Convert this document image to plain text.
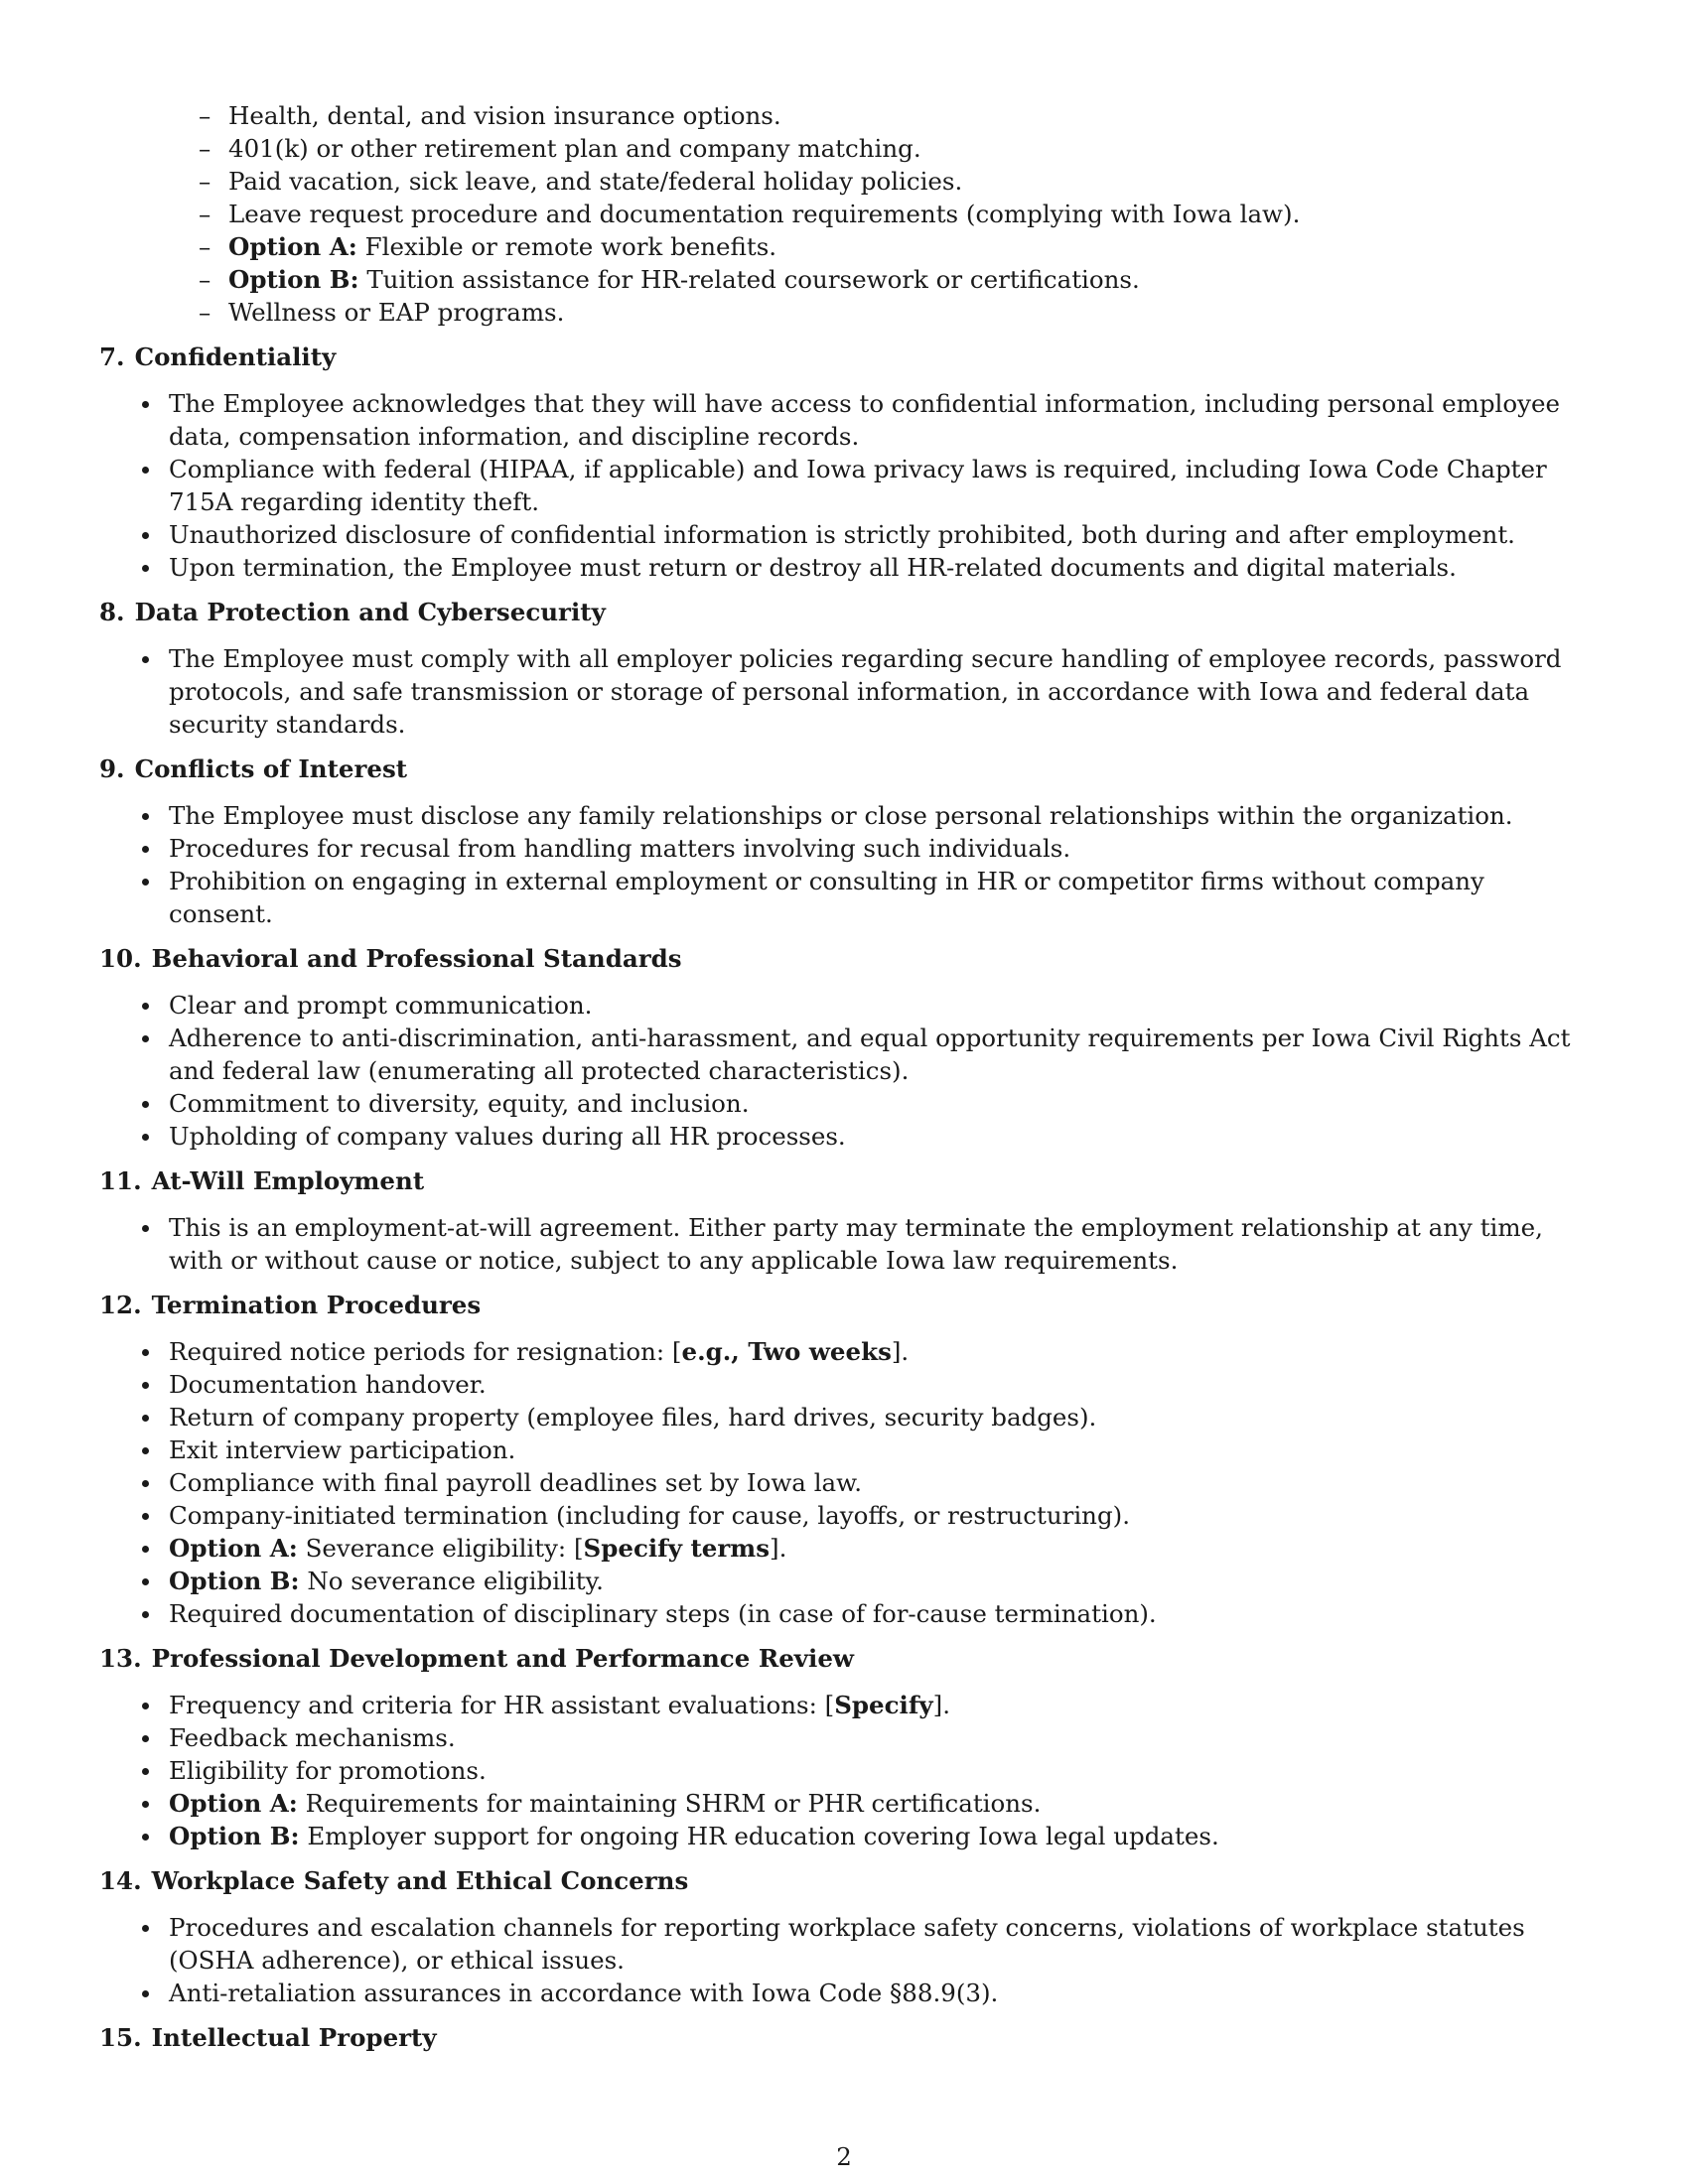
– Health, dental, and vision insurance options.
– 401(k) or other retirement plan and company matching.
– Paid vacation, sick leave, and state/federal holiday policies.
– Leave request procedure and documentation requirements (complying with Iowa law).
– Option A: Flexible or remote work benefits.
– Option B: Tuition assistance for HR-related coursework or certifications.
– Wellness or EAP programs.
7. Confidentiality
The Employee acknowledges that they will have access to confidential information, including personal employee data, compensation information, and discipline records.
Compliance with federal (HIPAA, if applicable) and Iowa privacy laws is required, including Iowa Code Chapter 715A regarding identity theft.
Unauthorized disclosure of confidential information is strictly prohibited, both during and after employment.
Upon termination, the Employee must return or destroy all HR-related documents and digital materials.
8. Data Protection and Cybersecurity
The Employee must comply with all employer policies regarding secure handling of employee records, password protocols, and safe transmission or storage of personal information, in accordance with Iowa and federal data security standards.
9. Conflicts of Interest
The Employee must disclose any family relationships or close personal relationships within the organization.
Procedures for recusal from handling matters involving such individuals.
Prohibition on engaging in external employment or consulting in HR or competitor firms without company consent.
10. Behavioral and Professional Standards
Clear and prompt communication.
Adherence to anti-discrimination, anti-harassment, and equal opportunity requirements per Iowa Civil Rights Act and federal law (enumerating all protected characteristics).
Commitment to diversity, equity, and inclusion.
Upholding of company values during all HR processes.
11. At-Will Employment
This is an employment-at-will agreement. Either party may terminate the employment relationship at any time, with or without cause or notice, subject to any applicable Iowa law requirements.
12. Termination Procedures
Required notice periods for resignation: [e.g., Two weeks].
Documentation handover.
Return of company property (employee files, hard drives, security badges).
Exit interview participation.
Compliance with final payroll deadlines set by Iowa law.
Company-initiated termination (including for cause, layoffs, or restructuring).
Option A: Severance eligibility: [Specify terms].
Option B: No severance eligibility.
Required documentation of disciplinary steps (in case of for-cause termination).
13. Professional Development and Performance Review
Frequency and criteria for HR assistant evaluations: [Specify].
Feedback mechanisms.
Eligibility for promotions.
Option A: Requirements for maintaining SHRM or PHR certifications.
Option B: Employer support for ongoing HR education covering Iowa legal updates.
14. Workplace Safety and Ethical Concerns
Procedures and escalation channels for reporting workplace safety concerns, violations of workplace statutes (OSHA adherence), or ethical issues.
Anti-retaliation assurances in accordance with Iowa Code §88.9(3).
15. Intellectual Property
2
